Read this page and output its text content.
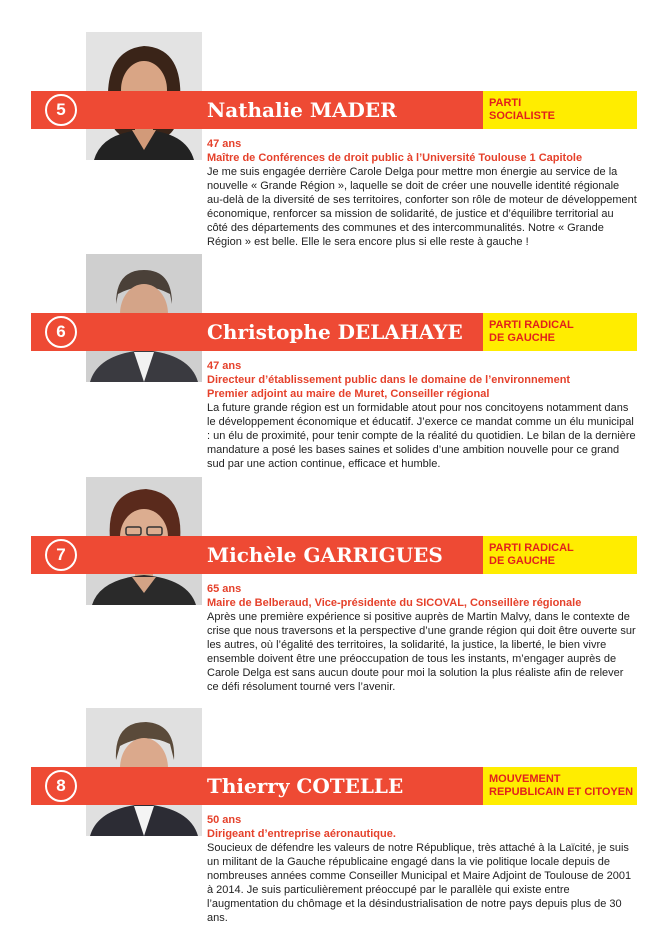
5	Nathalie MADER	PARTI
SOCIALISTE
47 ans
Maître de Conférences de droit public à l’Université Toulouse 1 Capitole

Je me suis engagée derrière Carole Delga pour mettre mon énergie au service de la nouvelle « Grande Région », laquelle se doit de créer une nouvelle identité régionale au-delà de la diversité de ses territoires, conforter son rôle de moteur de développement économique, renforcer sa mission de solidarité, de justice et d’équilibre territorial au côté des départements des communes et des intercommunalités. Notre « Grande Région » est belle. Elle le sera encore plus si elle reste à gauche !

6	Christophe DELAHAYE	PARTI RADICAL
DE GAUCHE
47 ans
Directeur d’établissement public dans le domaine de l’environnement
Premier adjoint au maire de Muret, Conseiller régional

La future grande région est un formidable atout pour nos concitoyens notamment dans le développement économique et éducatif. J’exerce ce mandat comme un élu municipal : un élu de proximité, pour tenir compte de la réalité du quotidien. Le bilan de la dernière mandature a posé les bases saines et solides d’une ambition nouvelle pour ce grand sud par une action continue, efficace et humble.

7	Michèle GARRIGUES	PARTI RADICAL
DE GAUCHE
65 ans
Maire de Belberaud, Vice-présidente du SICOVAL, Conseillère régionale

Après une première expérience si positive auprès de Martin Malvy, dans le contexte de crise que nous traversons et la perspective d’une grande région qui doit être ouverte sur les autres, où l’égalité des territoires, la solidarité, la justice, la liberté, le bien vivre ensemble doivent être une préoccupation de tous les instants, m’engager auprès de Carole Delga est sans aucun doute pour moi la solution la plus réaliste afin de relever ce défi résolument tourné vers l’avenir.

8	Thierry COTELLE	MOUVEMENT
REPUBLICAIN ET CITOYEN
50 ans
Dirigeant d’entreprise aéronautique.

Soucieux de défendre les valeurs de notre République, très attaché à la Laïcité, je suis un militant de la Gauche républicaine engagé dans la vie politique locale depuis de nombreuses années comme Conseiller Municipal et Maire Adjoint de Toulouse de 2001 à 2014. Je suis particulièrement préoccupé par le parallèle qui existe entre l’augmentation du chômage et la désindustrialisation de notre pays depuis plus de 30 ans.
